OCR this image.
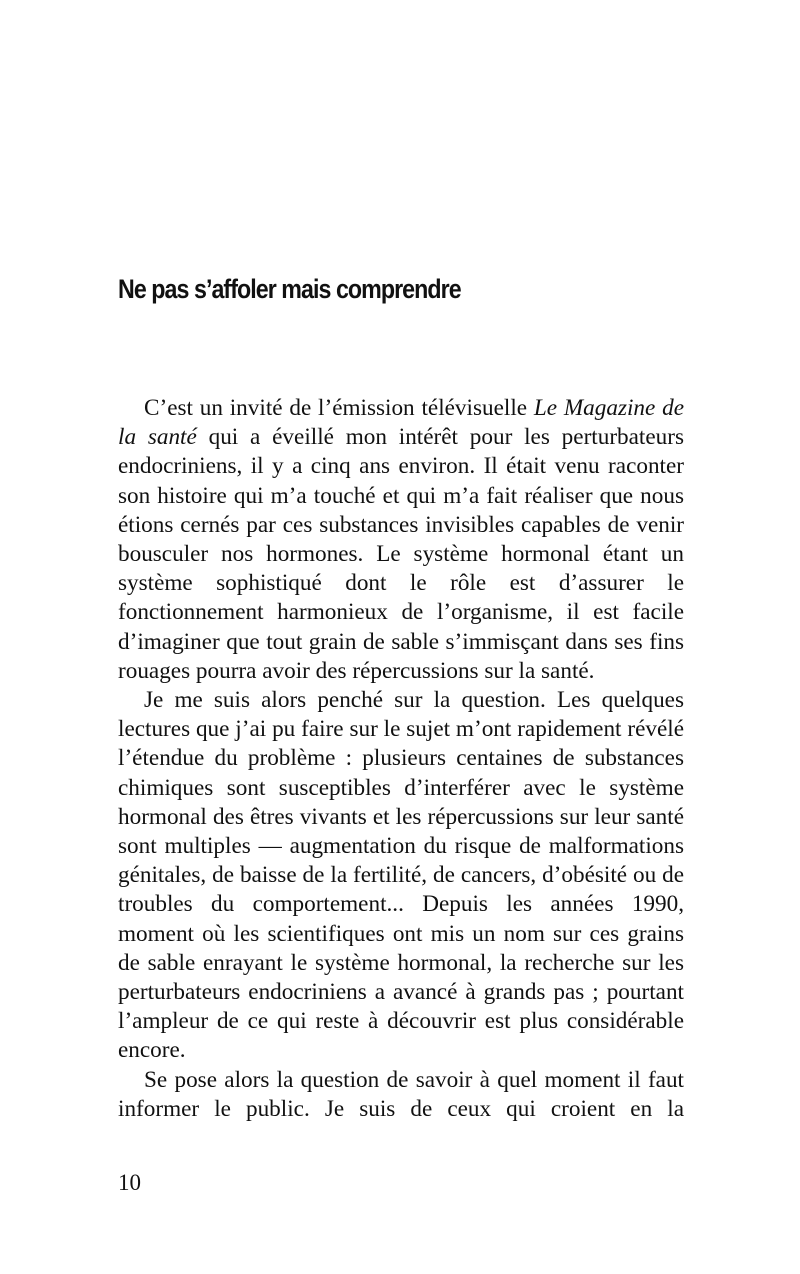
Ne pas s’affoler mais comprendre

C’est un invité de l’émission télévisuelle Le Magazine de la santé qui a éveillé mon intérêt pour les perturbateurs endocriniens, il y a cinq ans environ. Il était venu raconter son histoire qui m’a touché et qui m’a fait réaliser que nous étions cernés par ces substances invisibles capables de venir bousculer nos hormones. Le système hormonal étant un système sophistiqué dont le rôle est d’assurer le fonctionnement harmonieux de l’organisme, il est facile d’imaginer que tout grain de sable s’immisçant dans ses fins rouages pourra avoir des répercussions sur la santé.

Je me suis alors penché sur la question. Les quelques lectures que j’ai pu faire sur le sujet m’ont rapidement révélé l’étendue du problème : plusieurs centaines de substances chimiques sont susceptibles d’interférer avec le système hormonal des êtres vivants et les répercussions sur leur santé sont multiples — augmentation du risque de malformations génitales, de baisse de la fertilité, de cancers, d’obésité ou de troubles du comportement... Depuis les années 1990, moment où les scientifiques ont mis un nom sur ces grains de sable enrayant le système hormonal, la recherche sur les perturbateurs endocriniens a avancé à grands pas ; pourtant l’ampleur de ce qui reste à découvrir est plus considérable encore.

Se pose alors la question de savoir à quel moment il faut informer le public. Je suis de ceux qui croient en la

10
